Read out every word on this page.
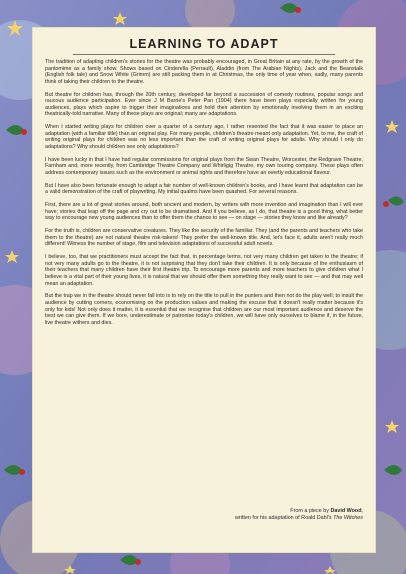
LEARNING TO ADAPT

The tradition of adapting children's stories for the theatre was probably encouraged, in Great Britain at any rate, by the growth of the pantomime as a family show. Shows based on Cinderella (Perrault), Aladdin (from The Arabian Nights), Jack and the Beanstalk (English folk tale) and Snow White (Grimm) are still packing them in at Christmas, the only time of year when, sadly, many parents think of taking their children to the theatre.

But theatre for children has, through the 20th century, developed far beyond a succession of comedy routines, popular songs and raucous audience participation. Ever since J M Barrie's Peter Pan (1904) there have been plays especially written for young audiences, plays which aspire to trigger their imaginations and hold their attention by emotionally involving them in an exciting theatrically-told narrative. Many of these plays are original; many are adaptations.

When I started writing plays for children over a quarter of a century ago, I rather resented the fact that it was easier to place an adaptation (with a familiar title) than an original play. For many people, children's theatre meant only adaptation. Yet, to me, the craft of writing original plays for children was no less important than the craft of writing original plays for adults. Why should I only do adaptations? Why should children see only adaptations?

I have been lucky in that I have had regular commissions for original plays from the Swan Theatre, Worcester, the Redgrave Theatre, Farnham and, more recently, from Cambridge Theatre Company and Whirligig Theatre, my own touring company. These plays often address contemporary issues such as the environment or animal rights and therefore have an overtly educational flavour.

But I have also been fortunate enough to adapt a fair number of well-known children's books, and I have learnt that adaptation can be a valid demonstration of the craft of playwriting. My initial qualms have been quashed. For several reasons.

First, there are a lot of great stories around, both ancient and modern, by writers with more invention and imagination than I will ever have; stories that leap off the page and cry out to be dramatised. And if you believe, as I do, that theatre is a good thing, what better way to encourage new young audiences than to offer them the chance to see — on stage — stories they know and like already?

For the truth is, children are conservative creatures. They like the security of the familiar. They (and the parents and teachers who take them to the theatre) are not natural theatre risk-takers! They prefer the well-known title. And, let's face it, adults aren't really much different! Witness the number of stage, film and television adaptations of successful adult novels.

I believe, too, that we practitioners must accept the fact that, in percentage terms, not very many children get taken to the theatre; if not very many adults go to the theatre, it is not surprising that they don't take their children. It is only because of the enthusiasm of their teachers that many children have their first theatre trip. To encourage more parents and more teachers to give children what I believe is a vital part of their young lives, it is natural that we should offer them something they really want to see — and that may well mean an adaptation.

But the trap we in the theatre should never fall into is to rely on the title to pull in the punters and then not do the play well; to insult the audience by cutting corners, economising on the production values and making the excuse that it doesn't really matter because it's only for kids! Not only does it matter, it is essential that we recognise that children are our most important audience and deserve the best we can give them. If we bore, underestimate or patronise today's children, we will have only ourselves to blame if, in the future, live theatre withers and dies.

From a piece by David Wood,
written for his adaptation of Roald Dahl's The Witches
